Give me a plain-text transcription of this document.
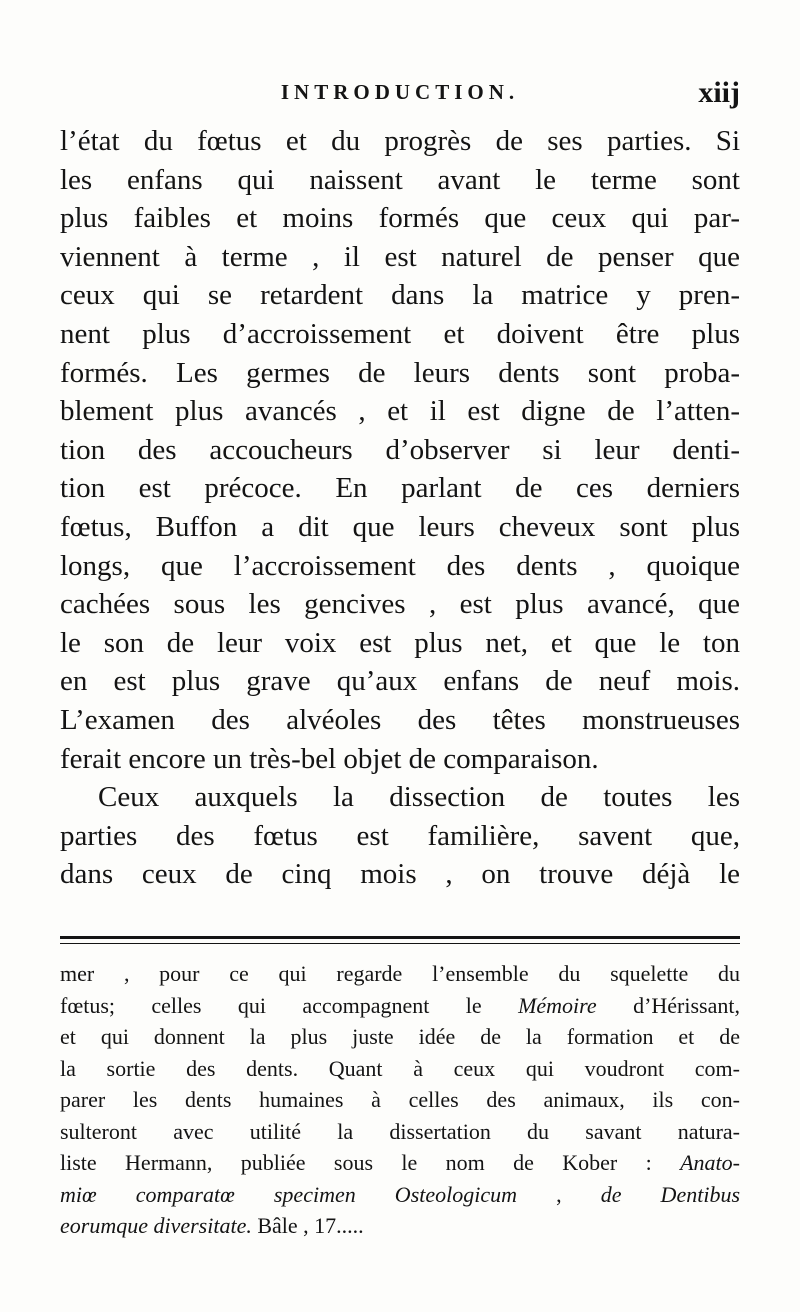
INTRODUCTION.	xiij
l’état du fœtus et du progrès de ses parties. Si
les enfans qui naissent avant le terme sont
plus faibles et moins formés que ceux qui par-
viennent à terme , il est naturel de penser que
ceux qui se retardent dans la matrice y pren-
nent plus d’accroissement et doivent être plus
formés. Les germes de leurs dents sont proba-
blement plus avancés , et il est digne de l’atten-
tion des accoucheurs d’observer si leur denti-
tion est précoce. En parlant de ces derniers
fœtus, Buffon a dit que leurs cheveux sont plus
longs, que l’accroissement des dents , quoique
cachées sous les gencives , est plus avancé, que
le son de leur voix est plus net, et que le ton
en est plus grave qu’aux enfans de neuf mois.
L’examen des alvéoles des têtes monstrueuses
ferait encore un très-bel objet de comparaison.
Ceux auxquels la dissection de toutes les
parties des fœtus est familière, savent que,
dans ceux de cinq mois , on trouve déjà le
mer , pour ce qui regarde l’ensemble du squelette du
fœtus; celles qui accompagnent le Mémoire d’Hérissant,
et qui donnent la plus juste idée de la formation et de
la sortie des dents. Quant à ceux qui voudront com-
parer les dents humaines à celles des animaux, ils con-
sulteront avec utilité la dissertation du savant natura-
liste Hermann, publiée sous le nom de Kober : Anato-
miœ comparatœ specimen Osteologicum , de Dentibus
eorumque diversitate. Bâle , 17.....
